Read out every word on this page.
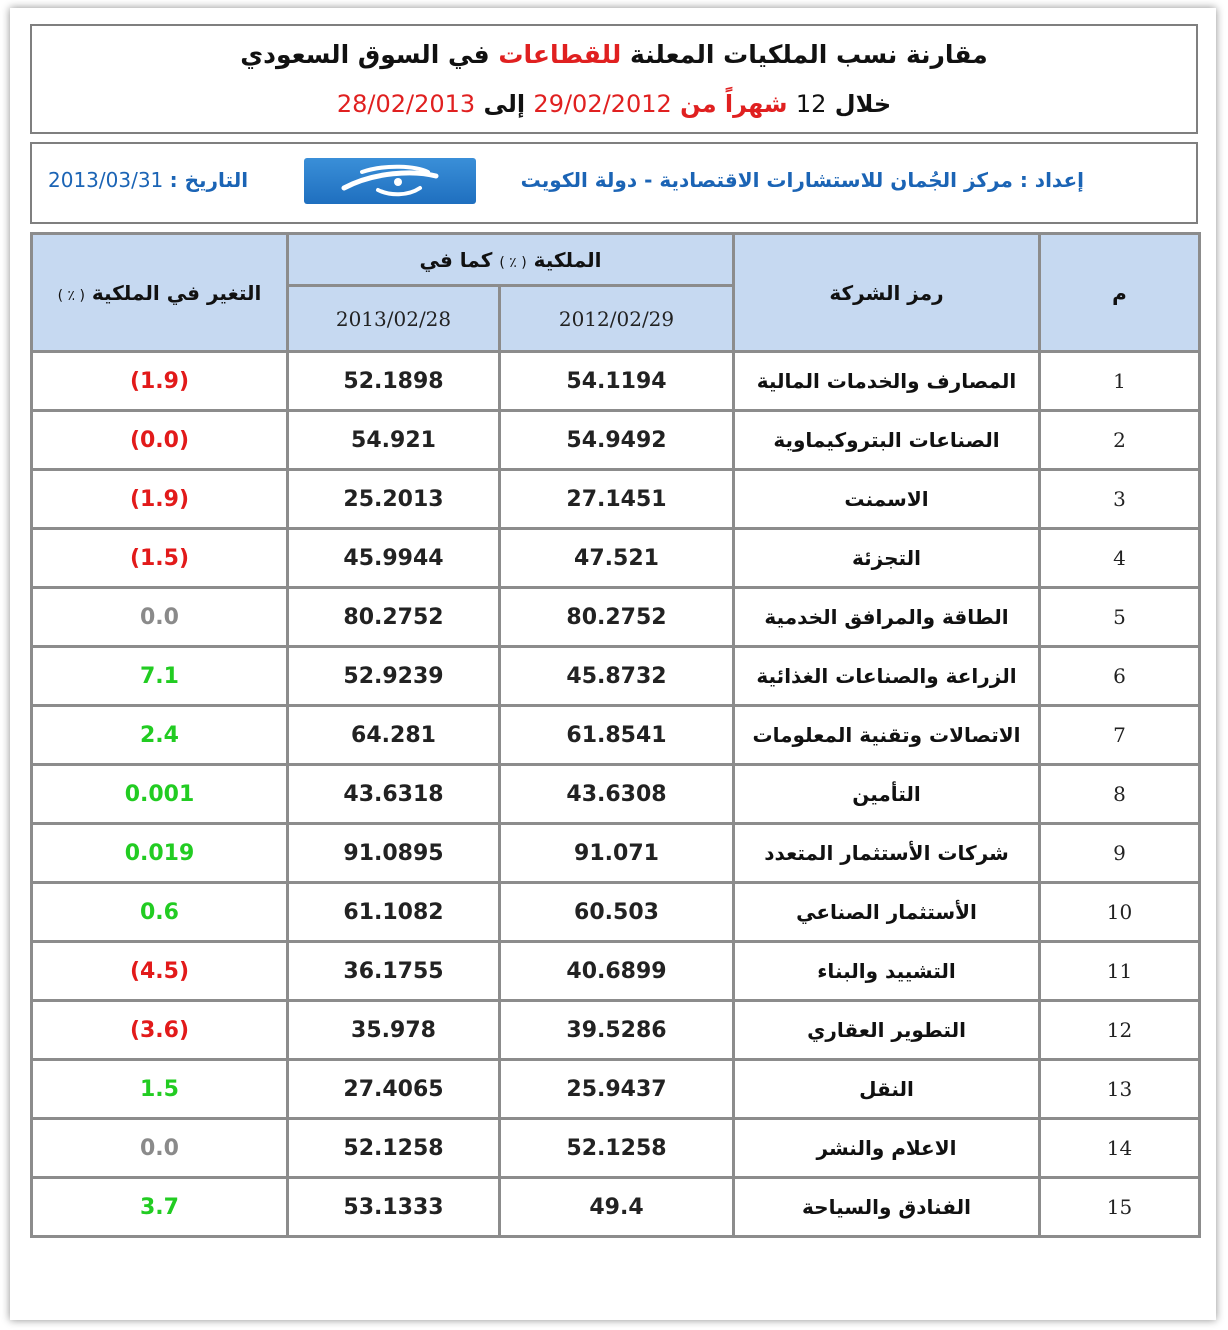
مقارنة نسب الملكيات المعلنة للقطاعات في السوق السعودي
خلال 12 شهراً من 29/02/2012 إلى 28/02/2013
إعداد : مركز الجُمان للاستشارات الاقتصادية - دولة الكويت
التاريخ : 2013/03/31
م	رمز الشركة	الملكية ( ٪ ) كما في		التغير في الملكية ( ٪ )
		2012/02/29	2013/02/28	
1	المصارف والخدمات المالية	54.1194	52.1898	(1.9)
2	الصناعات البتروكيماوية	54.9492	54.921	(0.0)
3	الاسمنت	27.1451	25.2013	(1.9)
4	التجزئة	47.521	45.9944	(1.5)
5	الطاقة والمرافق الخدمية	80.2752	80.2752	0.0
6	الزراعة والصناعات الغذائية	45.8732	52.9239	7.1
7	الاتصالات وتقنية المعلومات	61.8541	64.281	2.4
8	التأمين	43.6308	43.6318	0.001
9	شركات الأستثمار المتعدد	91.071	91.0895	0.019
10	الأستثمار الصناعي	60.503	61.1082	0.6
11	التشييد والبناء	40.6899	36.1755	(4.5)
12	التطوير العقاري	39.5286	35.978	(3.6)
13	النقل	25.9437	27.4065	1.5
14	الاعلام والنشر	52.1258	52.1258	0.0
15	الفنادق والسياحة	49.4	53.1333	3.7
